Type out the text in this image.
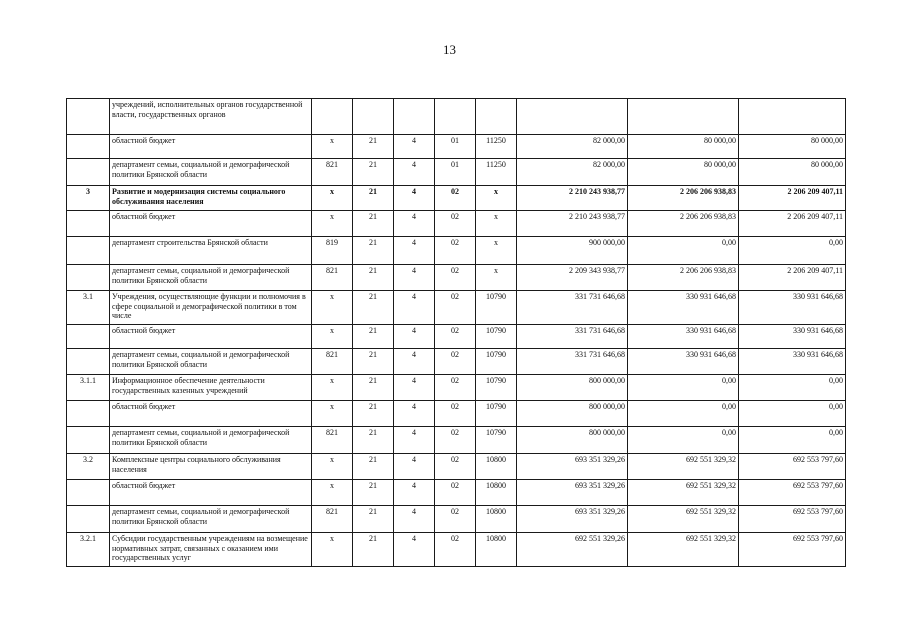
13
	учреждений, исполнительных органов государственной власти, государственных органов								
	областной бюджет	х	21	4	01	11250	82 000,00	80 000,00	80 000,00
	департамент семьи, социальной и демографической политики Брянской области	821	21	4	01	11250	82 000,00	80 000,00	80 000,00
3	Развитие и модернизация системы социального обслуживания населения	х	21	4	02	х	2 210 243 938,77	2 206 206 938,83	2 206 209 407,11
	областной бюджет	х	21	4	02	х	2 210 243 938,77	2 206 206 938,83	2 206 209 407,11
	департамент строительства Брянской области	819	21	4	02	х	900 000,00	0,00	0,00
	департамент семьи, социальной и демографической политики Брянской области	821	21	4	02	х	2 209 343 938,77	2 206 206 938,83	2 206 209 407,11
3.1	Учреждения, осуществляющие функции и полномочия в сфере социальной и демографической политики в том числе	х	21	4	02	10790	331 731 646,68	330 931 646,68	330 931 646,68
	областной бюджет	х	21	4	02	10790	331 731 646,68	330 931 646,68	330 931 646,68
	департамент семьи, социальной и демографической политики Брянской области	821	21	4	02	10790	331 731 646,68	330 931 646,68	330 931 646,68
3.1.1	Информационное обеспечение деятельности государственных казенных учреждений	х	21	4	02	10790	800 000,00	0,00	0,00
	областной бюджет	х	21	4	02	10790	800 000,00	0,00	0,00
	департамент семьи, социальной и демографической политики Брянской области	821	21	4	02	10790	800 000,00	0,00	0,00
3.2	Комплексные центры социального обслуживания населения	х	21	4	02	10800	693 351 329,26	692 551 329,32	692 553 797,60
	областной бюджет	х	21	4	02	10800	693 351 329,26	692 551 329,32	692 553 797,60
	департамент семьи, социальной и демографической политики Брянской области	821	21	4	02	10800	693 351 329,26	692 551 329,32	692 553 797,60
3.2.1	Субсидии государственным учреждениям на возмещение нормативных затрат, связанных с оказанием ими государственных услуг	х	21	4	02	10800	692 551 329,26	692 551 329,32	692 553 797,60
